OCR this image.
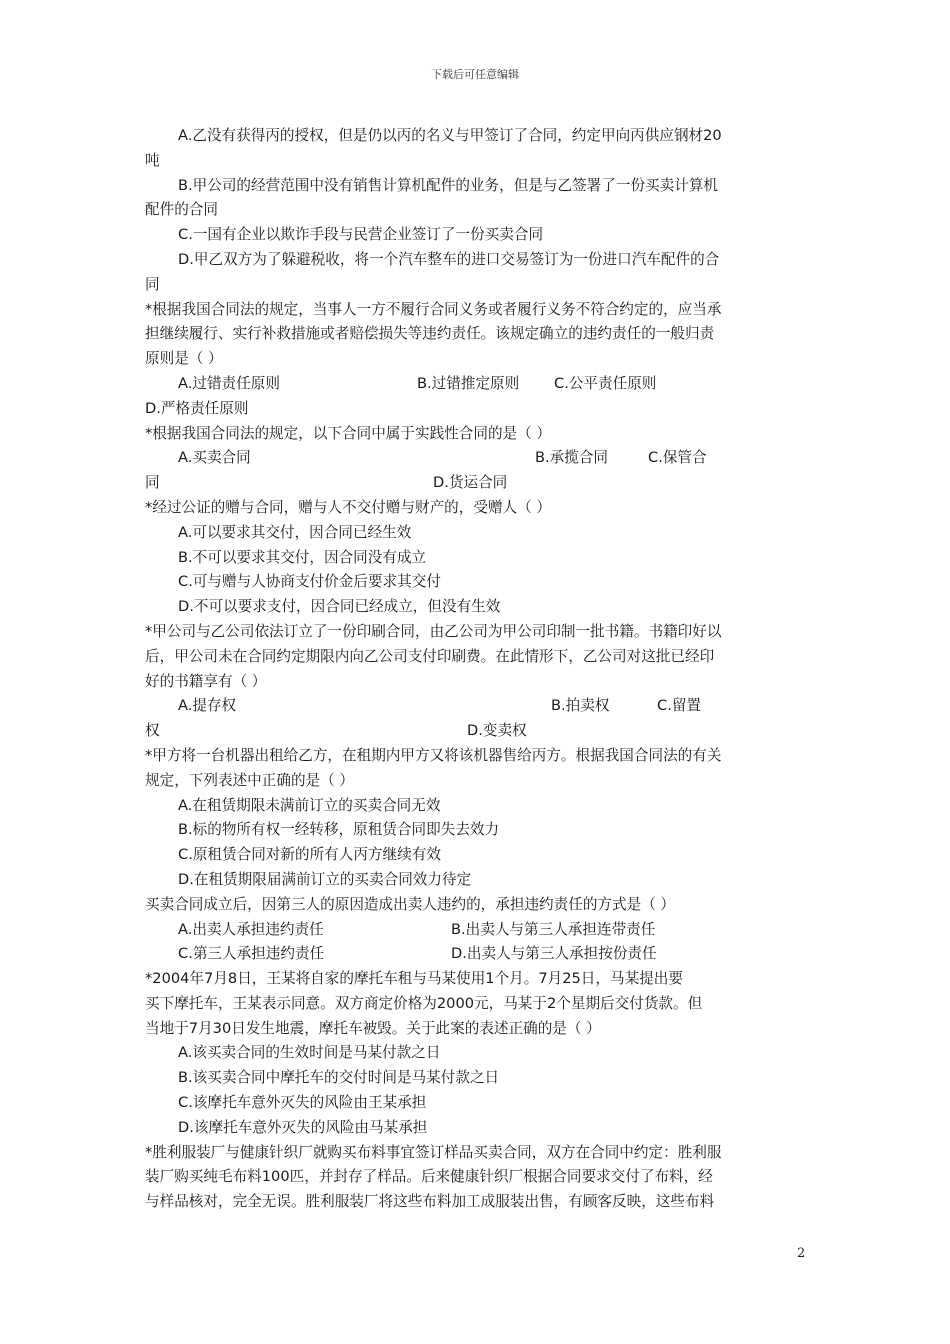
下载后可任意编辑
A.乙没有获得丙的授权，但是仍以丙的名义与甲签订了合同，约定甲向丙供应钢材20
吨
B.甲公司的经营范围中没有销售计算机配件的业务，但是与乙签署了一份买卖计算机
配件的合同
C.一国有企业以欺诈手段与民营企业签订了一份买卖合同
D.甲乙双方为了躲避税收，将一个汽车整车的进口交易签订为一份进口汽车配件的合
同
*根据我国合同法的规定，当事人一方不履行合同义务或者履行义务不符合约定的，应当承
担继续履行、实行补救措施或者赔偿损失等违约责任。该规定确立的违约责任的一般归责
原则是（ ）
A.过错责任原则	B.过错推定原则 C.公平责任原则
D.严格责任原则
*根据我国合同法的规定，以下合同中属于实践性合同的是（ ）
A.买卖合同	B.承揽合同	C.保管合
同	D.货运合同
*经过公证的赠与合同，赠与人不交付赠与财产的，受赠人（ ）
A.可以要求其交付，因合同已经生效
B.不可以要求其交付，因合同没有成立
C.可与赠与人协商支付价金后要求其交付
D.不可以要求支付，因合同已经成立，但没有生效
*甲公司与乙公司依法订立了一份印刷合同，由乙公司为甲公司印制一批书籍。书籍印好以
后，甲公司未在合同约定期限内向乙公司支付印刷费。在此情形下，乙公司对这批已经印
好的书籍享有（ ）
A.提存权	B.拍卖权	C.留置
权	D.变卖权
*甲方将一台机器出租给乙方，在租期内甲方又将该机器售给丙方。根据我国合同法的有关
规定，下列表述中正确的是（ ）
A.在租赁期限未满前订立的买卖合同无效
B.标的物所有权一经转移，原租赁合同即失去效力
C.原租赁合同对新的所有人丙方继续有效
D.在租赁期限届满前订立的买卖合同效力待定
买卖合同成立后，因第三人的原因造成出卖人违约的，承担违约责任的方式是（ ）
A.出卖人承担违约责任	B.出卖人与第三人承担连带责任
C.第三人承担违约责任	D.出卖人与第三人承担按份责任
*2004年7月8日，王某将自家的摩托车租与马某使用1个月。7月25日，马某提出要
买下摩托车，王某表示同意。双方商定价格为2000元，马某于2个星期后交付货款。但
当地于7月30日发生地震，摩托车被毁。关于此案的表述正确的是（ ）
A.该买卖合同的生效时间是马某付款之日
B.该买卖合同中摩托车的交付时间是马某付款之日
C.该摩托车意外灭失的风险由王某承担
D.该摩托车意外灭失的风险由马某承担
*胜利服装厂与健康针织厂就购买布料事宜签订样品买卖合同，双方在合同中约定：胜利服
装厂购买纯毛布料100匹，并封存了样品。后来健康针织厂根据合同要求交付了布料，经
与样品核对，完全无误。胜利服装厂将这些布料加工成服装出售，有顾客反映，这些布料
2
